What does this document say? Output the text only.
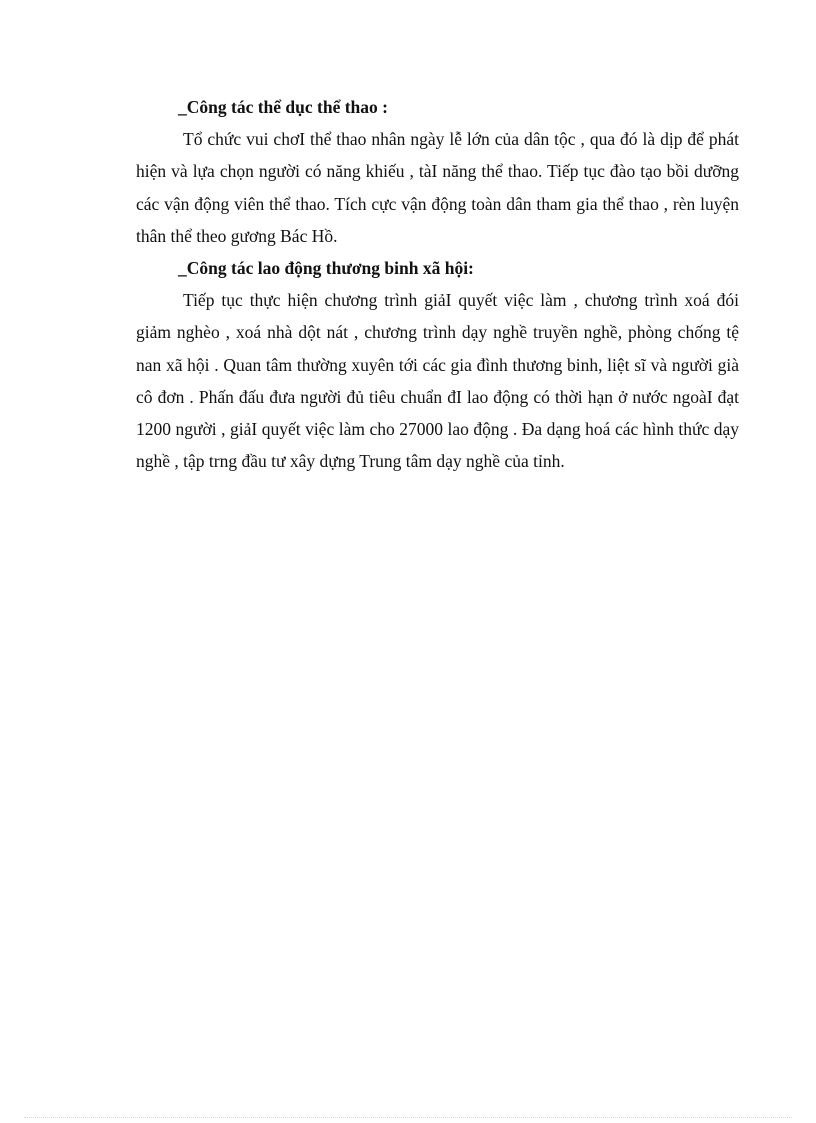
_Công tác thể dục thể thao :

Tổ chức vui chơI thể thao nhân ngày lễ lớn của dân tộc , qua đó là dịp để phát hiện và lựa chọn người có năng khiếu , tàI năng thể thao. Tiếp tục đào tạo bồi dưỡng các vận động viên thể thao. Tích cực vận động toàn dân tham gia thể thao , rèn luyện thân thể theo gương Bác Hồ.

_Công tác lao động thương binh xã hội:

Tiếp tục thực hiện chương trình giảI quyết việc làm , chương trình xoá đói giảm nghèo , xoá nhà dột nát , chương trình dạy nghề truyền nghề, phòng chống tệ nan xã hội . Quan tâm thường xuyên tới các gia đình thương binh, liệt sĩ và người già cô đơn . Phấn đấu đưa người đủ tiêu chuẩn đI lao động có thời hạn ở nước ngoàI đạt 1200 người , giảI quyết việc làm cho 27000 lao động . Đa dạng hoá các hình thức dạy nghề , tập trng đầu tư xây dựng Trung tâm dạy nghề của tỉnh.
